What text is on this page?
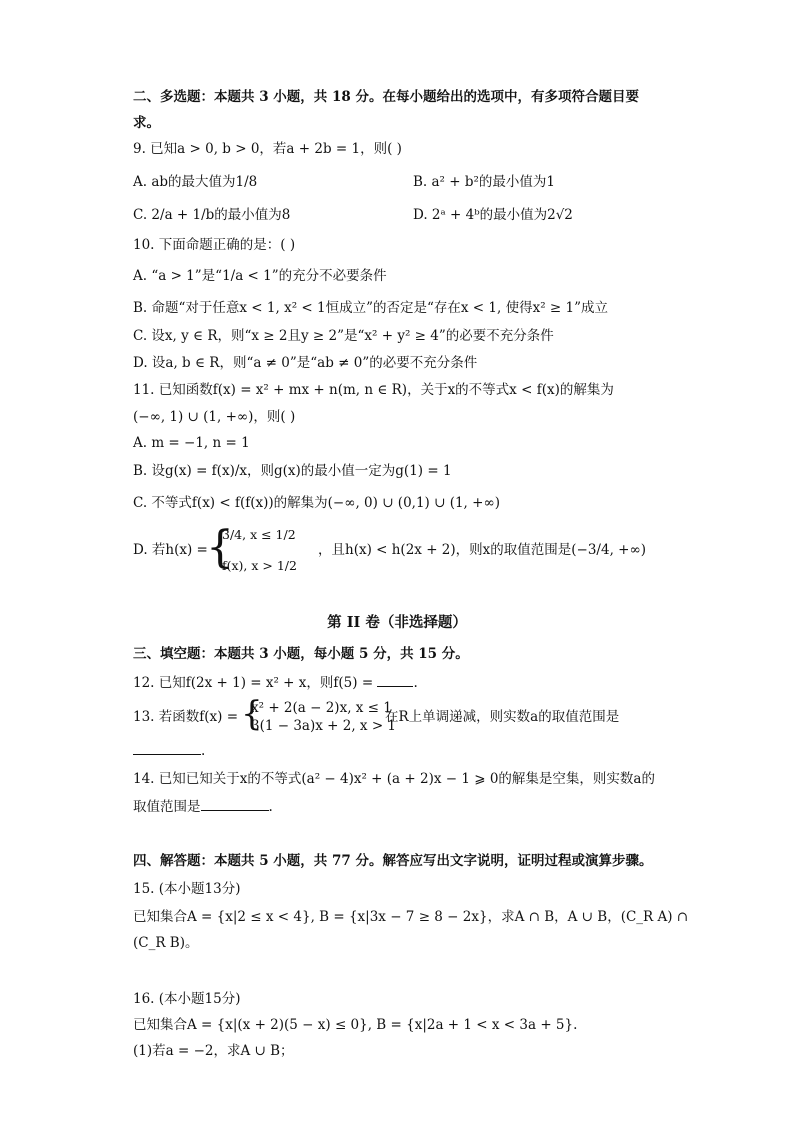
二、多选题：本题共 3 小题，共 18 分。在每小题给出的选项中，有多项符合题目要
求。
9. 已知a > 0, b > 0，若a + 2b = 1，则( )
A. ab的最大值为1/8	B. a² + b²的最小值为1
C. 2/a + 1/b的最小值为8	D. 2ᵃ + 4ᵇ的最小值为2√2
10. 下面命题正确的是：( )
A. “a > 1”是“1/a < 1”的充分不必要条件
B. 命题“对于任意x < 1, x² < 1恒成立”的否定是“存在x < 1, 使得x² ≥ 1”成立
C. 设x, y ∈ R，则“x ≥ 2且y ≥ 2”是“x² + y² ≥ 4”的必要不充分条件
D. 设a, b ∈ R，则“a ≠ 0”是“ab ≠ 0”的必要不充分条件
11. 已知函数f(x) = x² + mx + n(m, n ∈ R)，关于x的不等式x < f(x)的解集为
(−∞, 1) ∪ (1, +∞)，则( )
A. m = −1, n = 1
B. 设g(x) = f(x)/x，则g(x)的最小值一定为g(1) = 1
C. 不等式f(x) < f(f(x))的解集为(−∞, 0) ∪ (0,1) ∪ (1, +∞)
D. 若h(x) =
{
3/4, x ≤ 1/2
f(x), x > 1/2
，且h(x) < h(2x + 2)，则x的取值范围是(−3/4, +∞)
第 II 卷（非选择题）
三、填空题：本题共 3 小题，每小题 5 分，共 15 分。
12. 已知f(2x + 1) = x² + x，则f(5) =	.
13. 若函数f(x) = {
x² + 2(a − 2)x, x ≤ 1
3(1 − 3a)x + 2, x > 1
在R上单调递减，则实数a的取值范围是
.
14. 已知已知关于x的不等式(a² − 4)x² + (a + 2)x − 1 ⩾ 0的解集是空集，则实数a的
取值范围是	.
四、解答题：本题共 5 小题，共 77 分。解答应写出文字说明，证明过程或演算步骤。
15. (本小题13分)
已知集合A = {x|2 ≤ x < 4}, B = {x|3x − 7 ≥ 8 − 2x}，求A ∩ B，A ∪ B，(C_R A) ∩
(C_R B)。
16. (本小题15分)
已知集合A = {x|(x + 2)(5 − x) ≤ 0}, B = {x|2a + 1 < x < 3a + 5}.
(1)若a = −2，求A ∪ B；
